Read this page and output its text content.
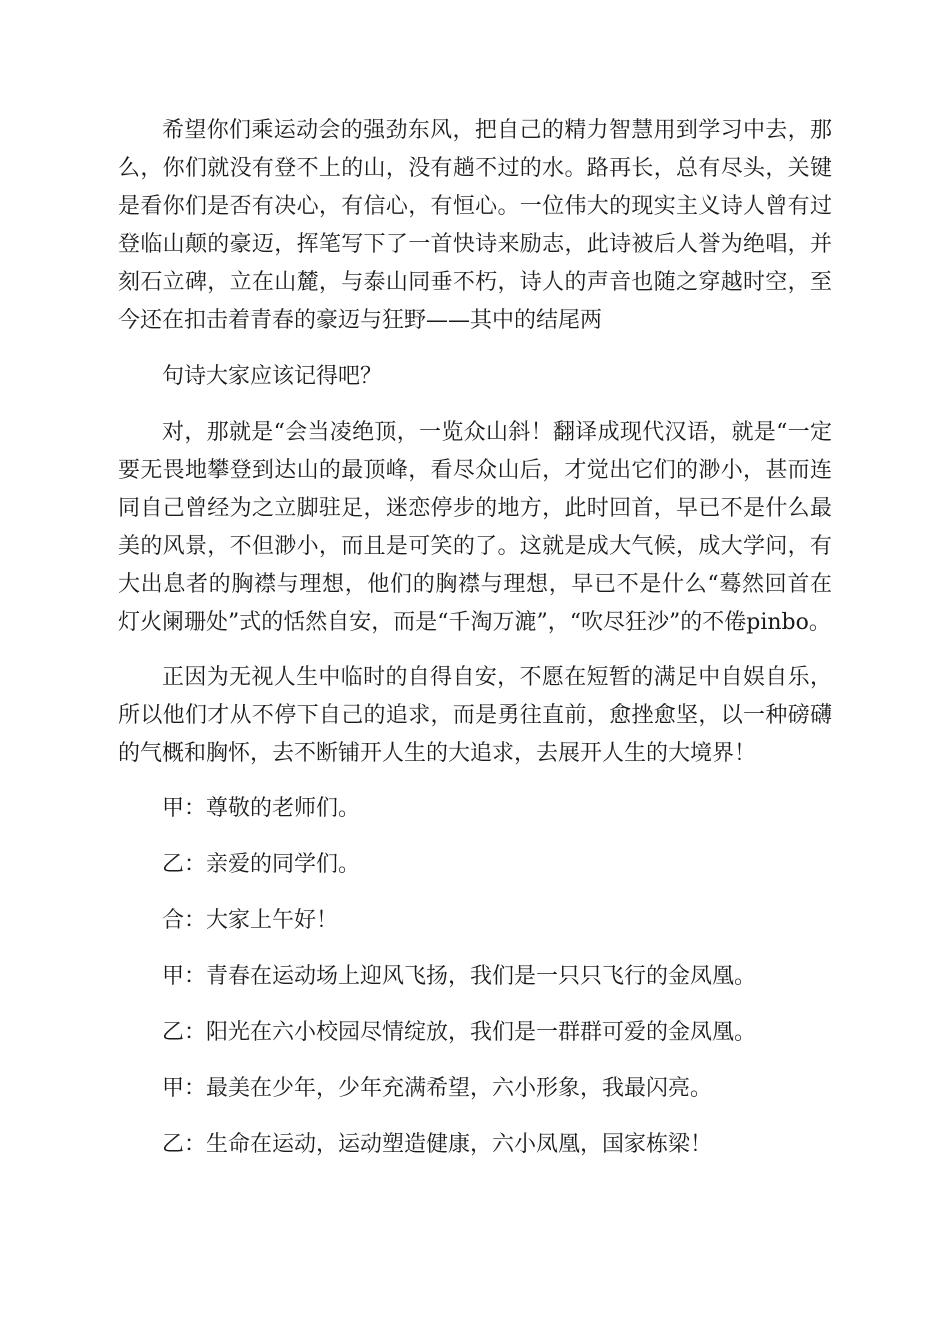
希望你们乘运动会的强劲东风，把自己的精力智慧用到学习中去，那么，你们就没有登不上的山，没有趟不过的水。路再长，总有尽头，关键是看你们是否有决心，有信心，有恒心。一位伟大的现实主义诗人曾有过登临山颠的豪迈，挥笔写下了一首快诗来励志，此诗被后人誉为绝唱，并刻石立碑，立在山麓，与泰山同垂不朽，诗人的声音也随之穿越时空，至今还在扣击着青春的豪迈与狂野——其中的结尾两

句诗大家应该记得吧？

对，那就是“会当凌绝顶，一览众山斜！翻译成现代汉语，就是“一定要无畏地攀登到达山的最顶峰，看尽众山后，才觉出它们的渺小，甚而连同自己曾经为之立脚驻足，迷恋停步的地方，此时回首，早已不是什么最美的风景，不但渺小，而且是可笑的了。这就是成大气候，成大学问，有大出息者的胸襟与理想，他们的胸襟与理想，早已不是什么“蓦然回首在灯火阑珊处”式的恬然自安，而是“千淘万漉”，“吹尽狂沙”的不倦pinbo。

正因为无视人生中临时的自得自安，不愿在短暂的满足中自娱自乐，所以他们才从不停下自己的追求，而是勇往直前，愈挫愈坚，以一种磅礴的气概和胸怀，去不断铺开人生的大追求，去展开人生的大境界！

甲：尊敬的老师们。

乙：亲爱的同学们。

合：大家上午好！

甲：青春在运动场上迎风飞扬，我们是一只只飞行的金凤凰。

乙：阳光在六小校园尽情绽放，我们是一群群可爱的金凤凰。

甲：最美在少年，少年充满希望，六小形象，我最闪亮。

乙：生命在运动，运动塑造健康，六小凤凰，国家栋梁！
